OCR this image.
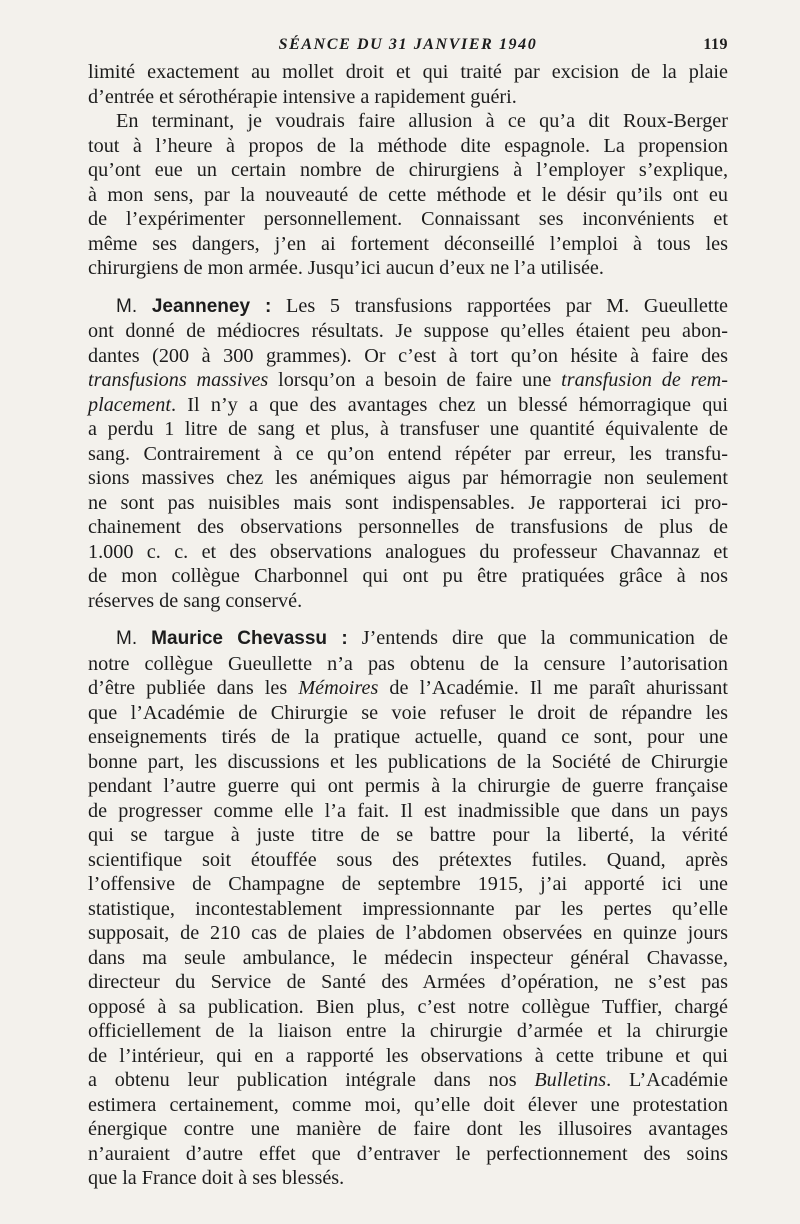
SÉANCE DU 31 JANVIER 1940	119

limité exactement au mollet droit et qui traité par excision de la plaie
d’entrée et sérothérapie intensive a rapidement guéri.

En terminant, je voudrais faire allusion à ce qu’a dit Roux-Berger
tout à l’heure à propos de la méthode dite espagnole. La propension
qu’ont eue un certain nombre de chirurgiens à l’employer s’explique,
à mon sens, par la nouveauté de cette méthode et le désir qu’ils ont eu
de l’expérimenter personnellement. Connaissant ses inconvénients et
même ses dangers, j’en ai fortement déconseillé l’emploi à tous les
chirurgiens de mon armée. Jusqu’ici aucun d’eux ne l’a utilisée.

M. Jeanneney : Les 5 transfusions rapportées par M. Gueullette
ont donné de médiocres résultats. Je suppose qu’elles étaient peu abon-
dantes (200 à 300 grammes). Or c’est à tort qu’on hésite à faire des
transfusions massives lorsqu’on a besoin de faire une transfusion de rem-
placement. Il n’y a que des avantages chez un blessé hémorragique qui
a perdu 1 litre de sang et plus, à transfuser une quantité équivalente de
sang. Contrairement à ce qu’on entend répéter par erreur, les transfu-
sions massives chez les anémiques aigus par hémorragie non seulement
ne sont pas nuisibles mais sont indispensables. Je rapporterai ici pro-
chainement des observations personnelles de transfusions de plus de
1.000 c. c. et des observations analogues du professeur Chavannaz et
de mon collègue Charbonnel qui ont pu être pratiquées grâce à nos
réserves de sang conservé.

M. Maurice Chevassu : J’entends dire que la communication de
notre collègue Gueullette n’a pas obtenu de la censure l’autorisation
d’être publiée dans les Mémoires de l’Académie. Il me paraît ahurissant
que l’Académie de Chirurgie se voie refuser le droit de répandre les
enseignements tirés de la pratique actuelle, quand ce sont, pour une
bonne part, les discussions et les publications de la Société de Chirurgie
pendant l’autre guerre qui ont permis à la chirurgie de guerre française
de progresser comme elle l’a fait. Il est inadmissible que dans un pays
qui se targue à juste titre de se battre pour la liberté, la vérité
scientifique soit étouffée sous des prétextes futiles. Quand, après
l’offensive de Champagne de septembre 1915, j’ai apporté ici une
statistique, incontestablement impressionnante par les pertes qu’elle
supposait, de 210 cas de plaies de l’abdomen observées en quinze jours
dans ma seule ambulance, le médecin inspecteur général Chavasse,
directeur du Service de Santé des Armées d’opération, ne s’est pas
opposé à sa publication. Bien plus, c’est notre collègue Tuffier, chargé
officiellement de la liaison entre la chirurgie d’armée et la chirurgie
de l’intérieur, qui en a rapporté les observations à cette tribune et qui
a obtenu leur publication intégrale dans nos Bulletins. L’Académie
estimera certainement, comme moi, qu’elle doit élever une protestation
énergique contre une manière de faire dont les illusoires avantages
n’auraient d’autre effet que d’entraver le perfectionnement des soins
que la France doit à ses blessés.
